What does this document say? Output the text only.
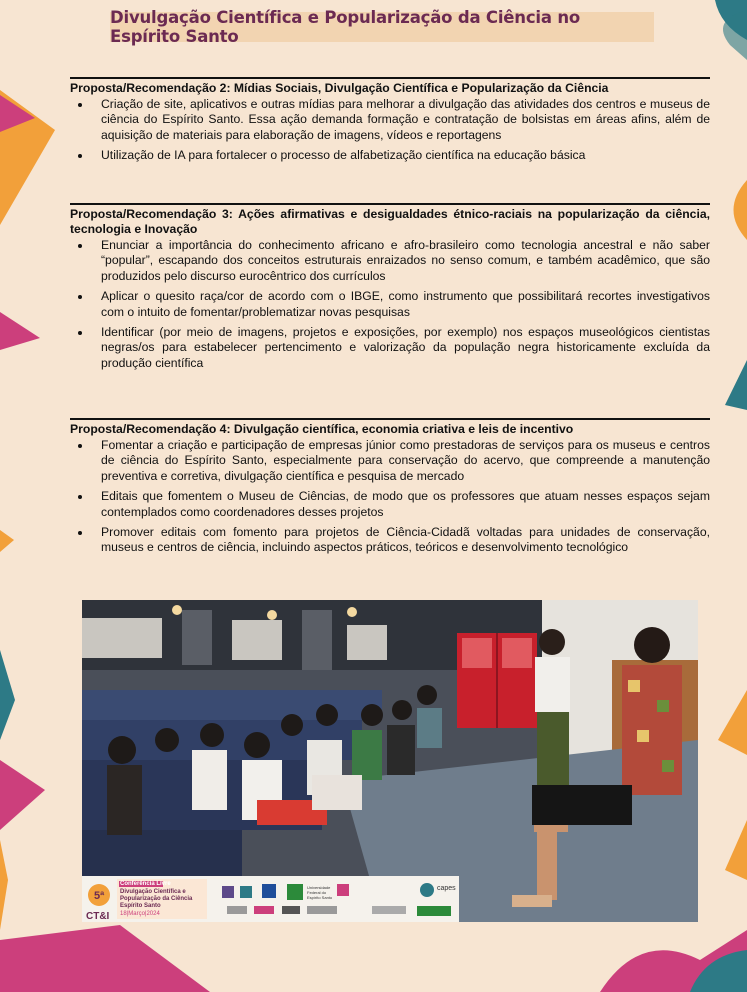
Divulgação Científica e Popularização da Ciência no Espírito Santo
Proposta/Recomendação 2: Mídias Sociais, Divulgação Científica e Popularização da Ciência
Criação de site, aplicativos e outras mídias para melhorar a divulgação das atividades dos centros e museus de ciência do Espírito Santo. Essa ação demanda formação e contratação de bolsistas em áreas afins, além de aquisição de materiais para elaboração de imagens, vídeos e reportagens
Utilização de IA para fortalecer o processo de alfabetização científica na educação básica
Proposta/Recomendação 3: Ações afirmativas e desigualdades étnico-raciais na popularização da ciência, tecnologia e Inovação
Enunciar a importância do conhecimento africano e afro-brasileiro como tecnologia ancestral e não saber “popular”, escapando dos conceitos estruturais enraizados no senso comum, e também acadêmico, que são produzidos pelo discurso eurocêntrico dos currículos
Aplicar o quesito raça/cor de acordo com o IBGE, como instrumento que possibilitará recortes investigativos com o intuito de fomentar/problematizar novas pesquisas
Identificar (por meio de imagens, projetos e exposições, por exemplo) nos espaços museológicos cientistas negras/os para estabelecer pertencimento e valorização da população negra historicamente excluída da produção científica
Proposta/Recomendação 4: Divulgação científica, economia criativa e leis de incentivo
Fomentar a criação e participação de empresas júnior como prestadoras de serviços para os museus e centros de ciência do Espírito Santo, especialmente para conservação do acervo, que compreende a manutenção preventiva e corretiva, divulgação científica e pesquisa de mercado
Editais que fomentem o Museu de Ciências, de modo que os professores que atuam nesses espaços sejam contemplados como coordenadores desses projetos
Promover editais com fomento para projetos de Ciência-Cidadã voltadas para unidades de conservação, museus e centros de ciência, incluindo aspectos práticos, teóricos e desenvolvimento tecnológico
5ª
CT&I
Conferência Livre
Divulgação Científica e
Popularização da Ciência
Espírito Santo
18|Março|2024
Universidade Federal do Espírito Santo
capes
